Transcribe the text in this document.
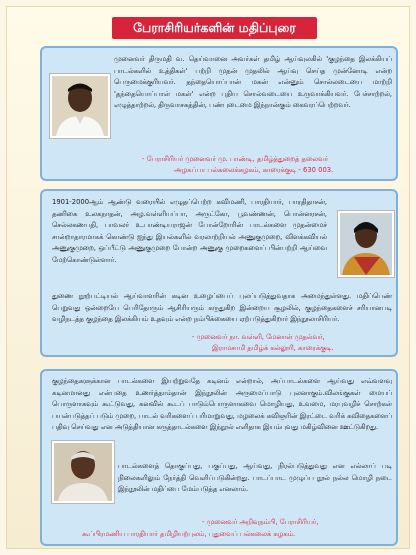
பேராசிரியர்களின் மதிப்புரை
முனைவர் திருமதி வ. தெய்வானை அவர்கள் தமிழ் ஆய்வுலகில் 'குழந்தை இலக்கியப் பாடல்களில் உத்திகள்' பற்றி முதன் முதலில் ஆய்வு செய்த முன்னோடி என்ற பெருமைக்குரியவர். தந்தையொப்பான் மகன் என்னும் சொல்லடையை மாற்றி 'தந்தையொப்பாள் மகள்' என்ற புதிய சொல்வடையை உருவாக்கியவர். பேச்சாற்றல், எழுத்தாற்றல், திருவாசகத்தின், பண்புடைமை இந்நான்கும் கைவரப்பெற்றவர்.
- பேராசிரியர் முனைவர் மு. பாண்டி, தமிழ்த்துறைத் தலைவர்
அழகப்பா பல்கலைக்கழகம், காரைக்குடி - 630 003.
1901-2000ஆம் ஆண்டு வரையில் எழுதப்பெற்ற கவிமணி, பாரதியார், பாரதிதாசன், தணிகை உலகநாதன், அழ.வள்ளியப்பா, அருட்கோ, பூவண்ணன், பொன்னரசன், செல்லகணபதி, பாவலர் உ.பாண்டியராஜன் போன்றோரின் பாடல்களை முதன்மைச் சான்றாதாரமாகக் கொண்டு ஐந்து இயல்களில் வரலாற்றியல் அணுகுமுறை, விளக்கவியல் அணுகுமுறை, ஒப்பீட்டு அணுகுமுறை போன்ற அணுகு முறைகளைப் பின்பற்றி ஆய்வை மேற்கொண்டுள்ளார்.
துணை நூற்பட்டியல் ஆய்வாளரின் கடின உழைப்பைப் புலப்படுத்துவதாக அமைந்துள்ளது. மதிப்பெண் பெறுவது ஒன்றையே பெரிதோரும் ஆசிரியரும் கருதுகிற இன்றைய சூழலில், குழந்தைகளைச் சரியானபடி வழிநடத்த குழந்தை இலக்கியம் உதவும் என்ற நம்பிக்கையை ஏற்படுத்துகிறார் இந்நூலாசிரியர்.
- முனைவர் நா. வள்ளி, மேனாள் முதல்வர்,
இராமசாமி தமிழ்க் கல்லூரி, காரைக்குடி.
குழந்தைகளுக்கான பாடல்களை இயற்றுவதே கடினம் என்றால், அப்பாடல்களை ஆய்வது எவ்வளவு கடினமானது என்பதை உணர்த்தாம்தான் இந்நூலின் அருமைப்பாடு புலனாகும்.விலங்குகள் மையப் பொருளாகவும் கூட்டுவது, கனவில் கூடப் பாடும்பொருளாகவை மொழியது, உவமை, மரபுவழிச் சொற்கள் பயன்படுத்தப் படும் முறை, பாடல் வரிகளைப் பரிமாறுவது, மழலைக் கவிஞரின் இரட்டை வரிக் கவிதைகளைப் பதிவு செய்வது என அடுத்தியான கருத்தாடல்களை இந்நூல் எளிதாக இயம்புவது மகிழ்வினை ஊட்டுகிறது.
பாடல்களைத் தொகுப்பது, பகுப்பது, ஆய்வது, நிரல்படுத்துவது என எல்லாப் படி நிலைகளிலும் நேர்த்தி வெளிப்படுகின்றது. பாடப்பாட முழுப்ப நூல் நல்ல மொழி நடை இந்நூலின் மதிப்பை மேம்படுத்த எனலாம்.
- முனைவர் அறிவுநம்பி, பேராசிரியர்,
கூப்பிரமணிய பாரதியார் தமிழியற்புலம், புதுவைப் பல்கலைக் கழகம்.
